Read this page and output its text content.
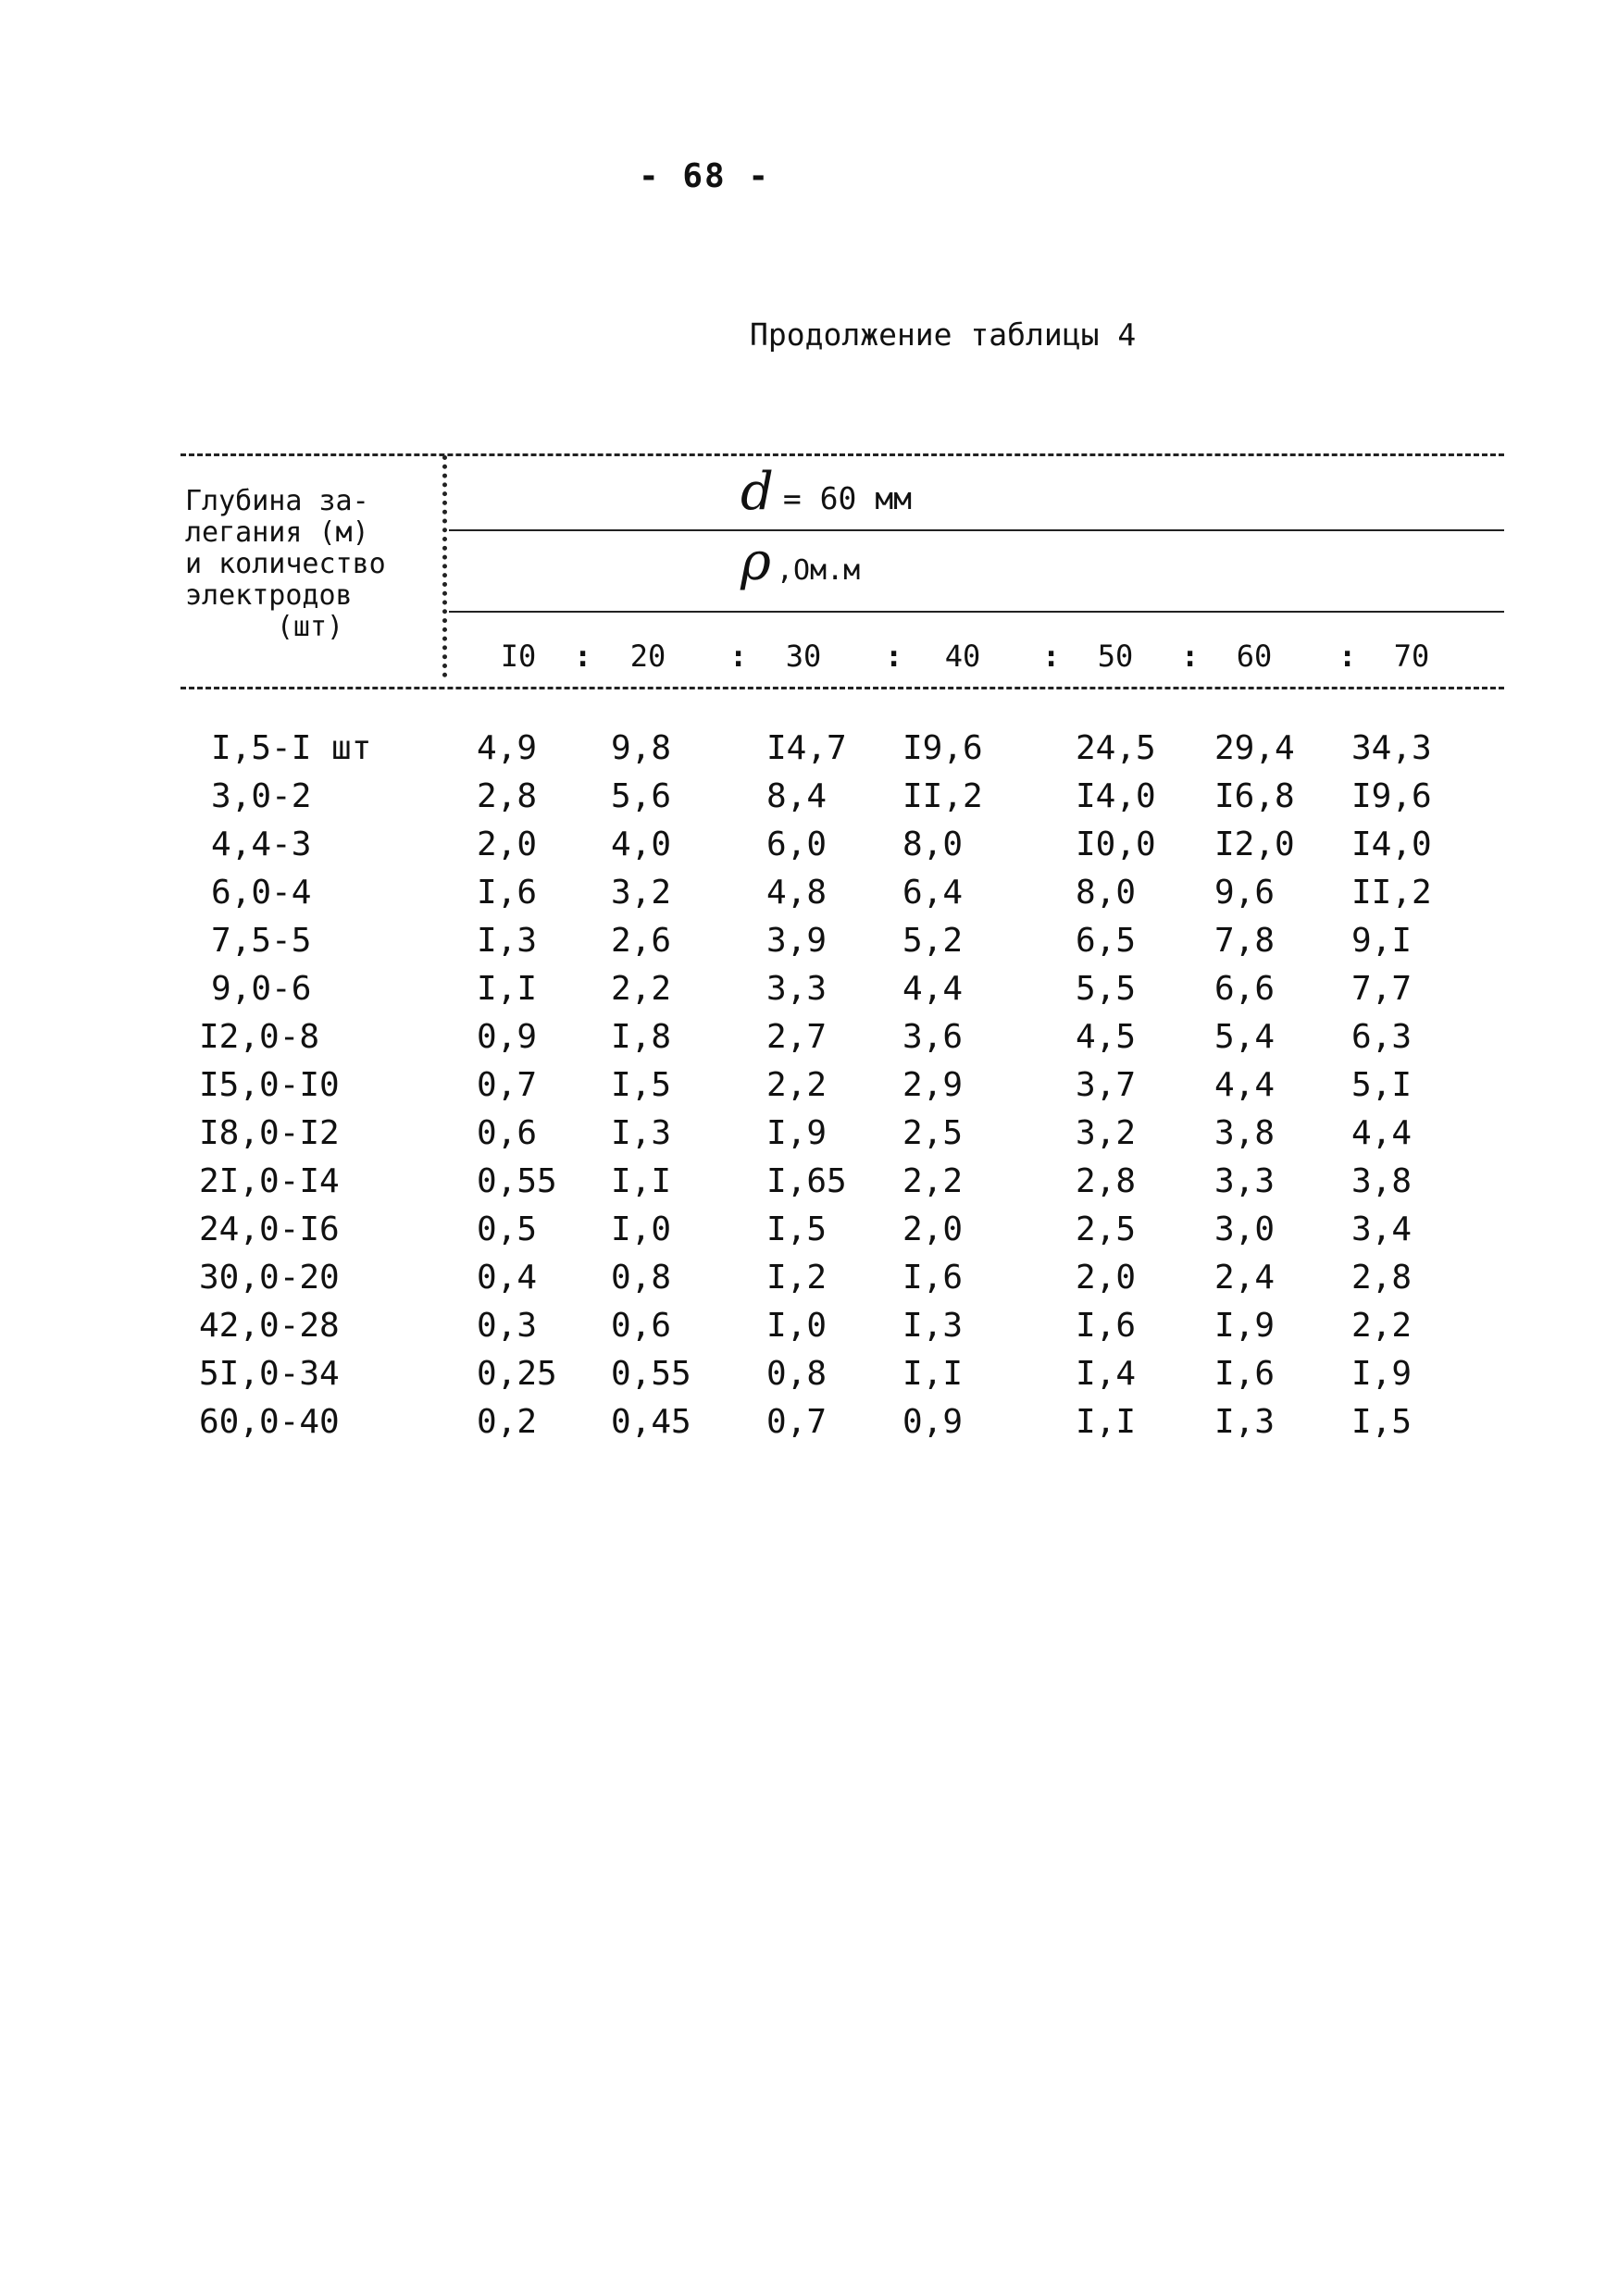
- 68 -
Продолжение таблицы 4
Глубина за-
легания (м)
и количество
электродов
(шт)
d = 60 мм
ρ ,Ом.м
I0	:	20	:	30	:	40	:	50	:	60	:	70
I,5-I шт	4,9 9,8	I4,7 I9,6	24,5 29,4 34,3
3,0-2	2,8 5,6	8,4 II,2	I4,0 I6,8 I9,6
4,4-3	2,0 4,0	6,0 8,0	I0,0 I2,0 I4,0
6,0-4	I,6 3,2	4,8 6,4	8,0 9,6 II,2
7,5-5	I,3 2,6	3,9 5,2	6,5 7,8 9,I
9,0-6	I,I 2,2	3,3 4,4	5,5 6,6 7,7
I2,0-8	0,9 I,8	2,7 3,6	4,5 5,4 6,3
I5,0-I0	0,7 I,5	2,2 2,9	3,7 4,4 5,I
I8,0-I2	0,6 I,3	I,9 2,5	3,2 3,8 4,4
2I,0-I4	0,55 I,I	I,65 2,2	2,8 3,3 3,8
24,0-I6	0,5 I,0	I,5 2,0	2,5 3,0 3,4
30,0-20	0,4 0,8	I,2 I,6	2,0 2,4 2,8
42,0-28	0,3 0,6	I,0 I,3	I,6 I,9 2,2
5I,0-34	0,25 0,55 0,8 I,I	I,4 I,6 I,9
60,0-40	0,2 0,45 0,7 0,9	I,I I,3 I,5
